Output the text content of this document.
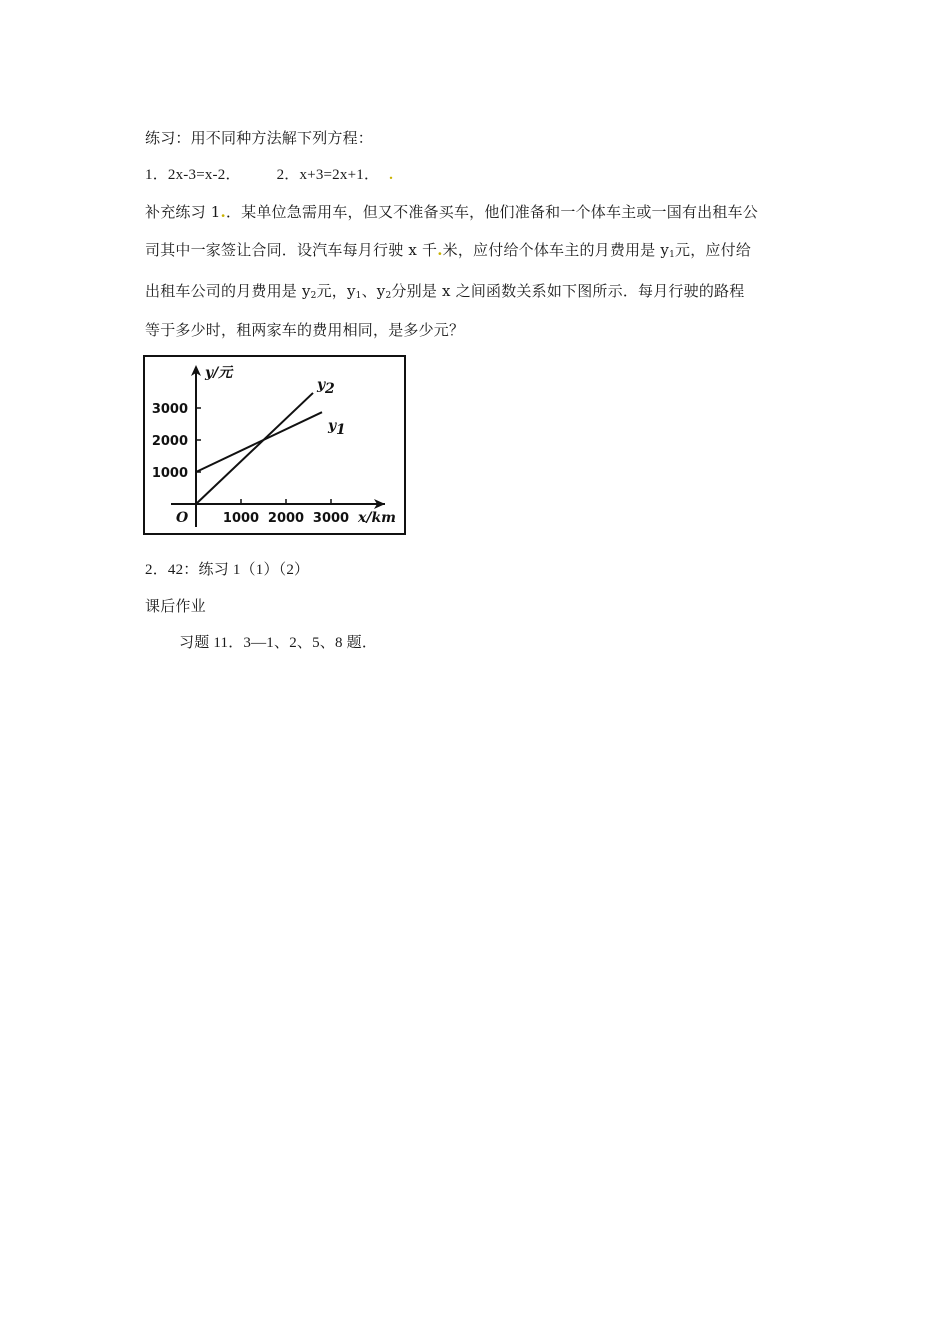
练习：用不同种方法解下列方程：
1．2x-3=x-2． 2．x+3=2x+1． .
补充练习 1.．某单位急需用车，但又不准备买车，他们准备和一个体车主或一国有出租车公
司其中一家签让合同．设汽车每月行驶 x 千.米，应付给个体车主的月费用是 $y_1$元，应付给
出租车公司的月费用是 $y_2$元，$y_1$、$y_2$分别是 x 之间函数关系如下图所示．每月行驶的路程
等于多少时，租两家车的费用相同，是多少元？
1000 2000 3000
1000
2000
3000
O
y/元
x/km
y 1
y 2
2．42：练习 1（1）（2）
课后作业
习题 11．3—1、2、5、8 题．
